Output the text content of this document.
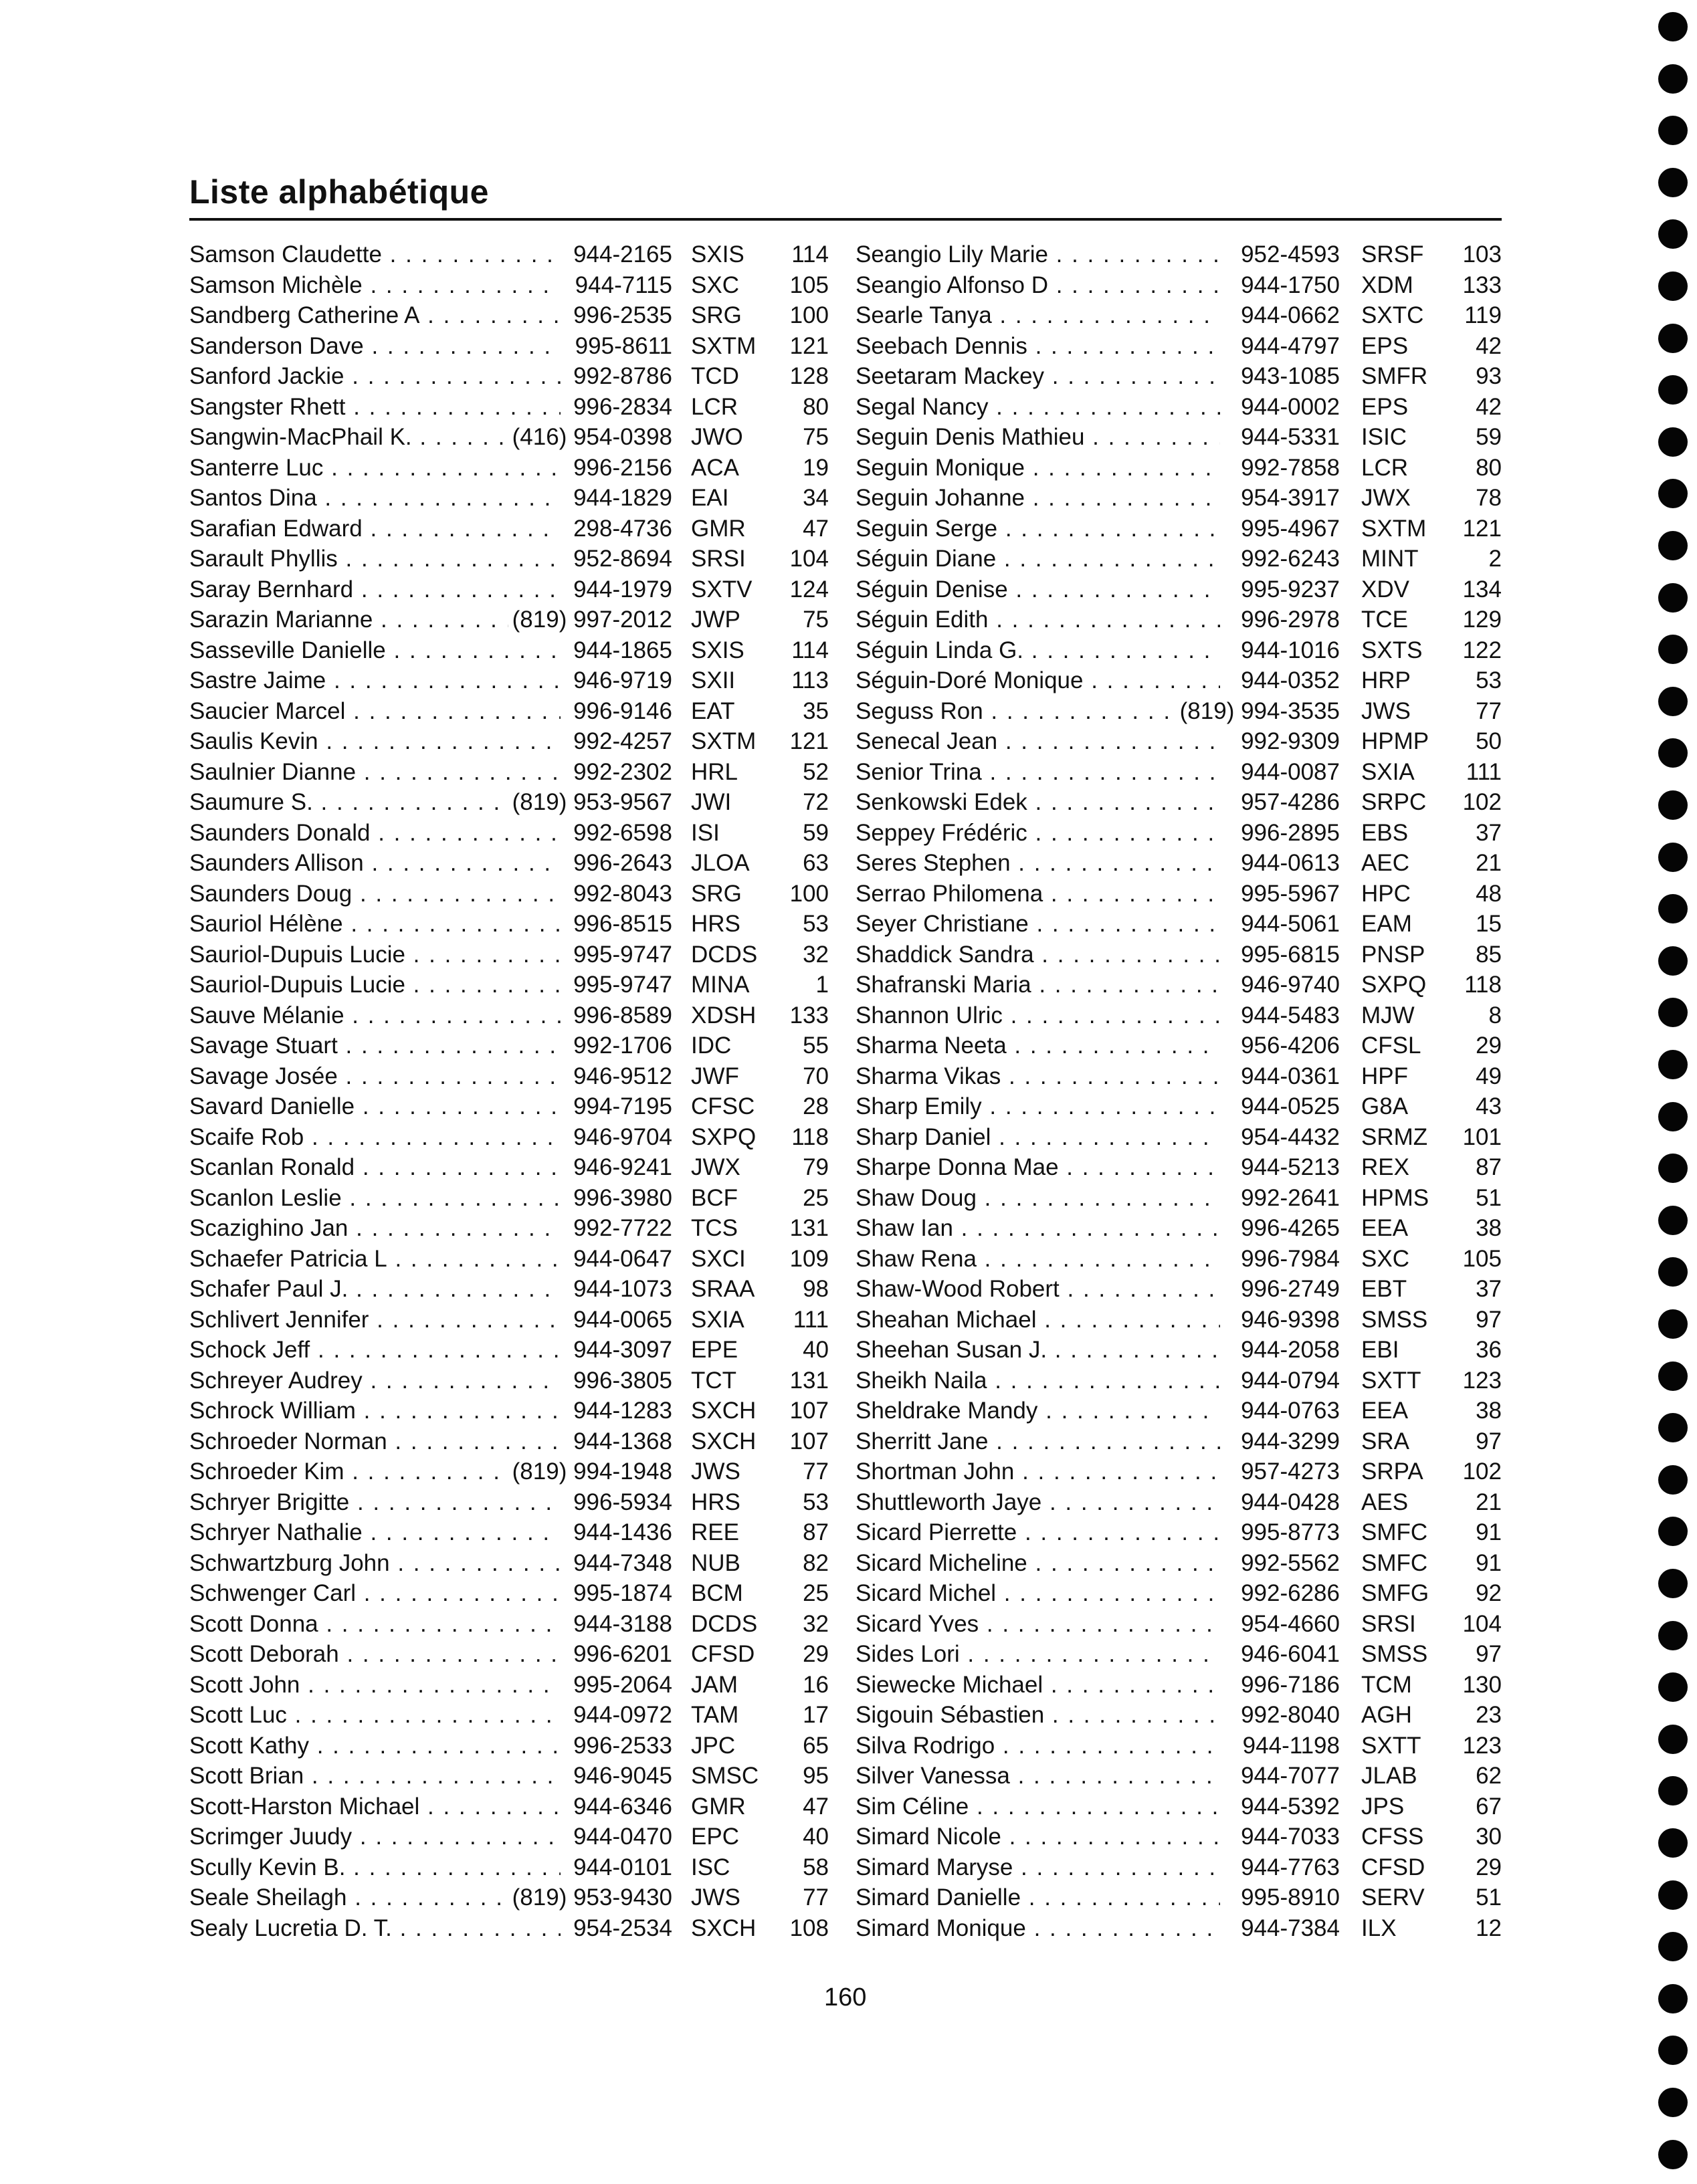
Liste alphabétique
Samson Claudette . . .	944-2165 SXIS	114
Samson Michèle . . .	944-7115 SXC	105
Sandberg Catherine A . . .	996-2535 SRG	100
Sanderson Dave . . .	995-8611 SXTM	121
Sanford Jackie . . .	992-8786 TCD	128
Sangster Rhett . . .	996-2834 LCR	80
Sangwin-MacPhail K. . . .	(416) 954-0398 JWO	75
Santerre Luc . . .	996-2156 ACA	19
Santos Dina . . .	944-1829 EAI	34
Sarafian Edward . . .	298-4736 GMR	47
Sarault Phyllis . . .	952-8694 SRSI	104
Saray Bernhard . . .	944-1979 SXTV	124
Sarazin Marianne . . .	(819) 997-2012 JWP	75
Sasseville Danielle . . .	944-1865 SXIS	114
Sastre Jaime . . .	946-9719 SXII	113
Saucier Marcel . . .	996-9146 EAT	35
Saulis Kevin . . .	992-4257 SXTM	121
Saulnier Dianne . . .	992-2302 HRL	52
Saumure S. . . .	(819) 953-9567 JWI	72
Saunders Donald . . .	992-6598 ISI	59
Saunders Allison . . .	996-2643 JLOA	63
Saunders Doug . . .	992-8043 SRG	100
Sauriol Hélène . . .	996-8515 HRS	53
Sauriol-Dupuis Lucie . . .	995-9747 DCDS	32
Sauriol-Dupuis Lucie . . .	995-9747 MINA	1
Sauve Mélanie . . .	996-8589 XDSH	133
Savage Stuart . . .	992-1706 IDC	55
Savage Josée . . .	946-9512 JWF	70
Savard Danielle . . .	994-7195 CFSC	28
Scaife Rob . . .	946-9704 SXPQ	118
Scanlan Ronald . . .	946-9241 JWX	79
Scanlon Leslie . . .	996-3980 BCF	25
Scazighino Jan . . .	992-7722 TCS	131
Schaefer Patricia L . . .	944-0647 SXCI	109
Schafer Paul J. . . .	944-1073 SRAA	98
Schlivert Jennifer . . .	944-0065 SXIA	111
Schock Jeff . . .	944-3097 EPE	40
Schreyer Audrey . . .	996-3805 TCT	131
Schrock William . . .	944-1283 SXCH	107
Schroeder Norman . . .	944-1368 SXCH	107
Schroeder Kim . . .	(819) 994-1948 JWS	77
Schryer Brigitte . . .	996-5934 HRS	53
Schryer Nathalie . . .	944-1436 REE	87
Schwartzburg John . . .	944-7348 NUB	82
Schwenger Carl . . .	995-1874 BCM	25
Scott Donna . . .	944-3188 DCDS	32
Scott Deborah . . .	996-6201 CFSD	29
Scott John . . .	995-2064 JAM	16
Scott Luc . . .	944-0972 TAM	17
Scott Kathy . . .	996-2533 JPC	65
Scott Brian . . .	946-9045 SMSC	95
Scott-Harston Michael . . .	944-6346 GMR	47
Scrimger Juudy . . .	944-0470 EPC	40
Scully Kevin B. . . .	944-0101 ISC	58
Seale Sheilagh . . .	(819) 953-9430 JWS	77
Sealy Lucretia D. T. . . .	954-2534 SXCH	108
Seangio Lily Marie . . .	952-4593 SRSF	103
Seangio Alfonso D . . .	944-1750 XDM	133
Searle Tanya . . .	944-0662 SXTC	119
Seebach Dennis . . .	944-4797 EPS	42
Seetaram Mackey . . .	943-1085 SMFR	93
Segal Nancy . . .	944-0002 EPS	42
Seguin Denis Mathieu . . .	944-5331 ISIC	59
Seguin Monique . . .	992-7858 LCR	80
Seguin Johanne . . .	954-3917 JWX	78
Seguin Serge . . .	995-4967 SXTM	121
Séguin Diane . . .	992-6243 MINT	2
Séguin Denise . . .	995-9237 XDV	134
Séguin Edith . . .	996-2978 TCE	129
Séguin Linda G. . . .	944-1016 SXTS	122
Séguin-Doré Monique . . .	944-0352 HRP	53
Seguss Ron . . .	(819) 994-3535 JWS	77
Senecal Jean . . .	992-9309 HPMP	50
Senior Trina . . .	944-0087 SXIA	111
Senkowski Edek . . .	957-4286 SRPC	102
Seppey Frédéric . . .	996-2895 EBS	37
Seres Stephen . . .	944-0613 AEC	21
Serrao Philomena . . .	995-5967 HPC	48
Seyer Christiane . . .	944-5061 EAM	15
Shaddick Sandra . . .	995-6815 PNSP	85
Shafranski Maria . . .	946-9740 SXPQ	118
Shannon Ulric . . .	944-5483 MJW	8
Sharma Neeta . . .	956-4206 CFSL	29
Sharma Vikas . . .	944-0361 HPF	49
Sharp Emily . . .	944-0525 G8A	43
Sharp Daniel . . .	954-4432 SRMZ	101
Sharpe Donna Mae . . .	944-5213 REX	87
Shaw Doug . . .	992-2641 HPMS	51
Shaw Ian . . .	996-4265 EEA	38
Shaw Rena . . .	996-7984 SXC	105
Shaw-Wood Robert . . .	996-2749 EBT	37
Sheahan Michael . . .	946-9398 SMSS	97
Sheehan Susan J. . . .	944-2058 EBI	36
Sheikh Naila . . .	944-0794 SXTT	123
Sheldrake Mandy . . .	944-0763 EEA	38
Sherritt Jane . . .	944-3299 SRA	97
Shortman John . . .	957-4273 SRPA	102
Shuttleworth Jaye . . .	944-0428 AES	21
Sicard Pierrette . . .	995-8773 SMFC	91
Sicard Micheline . . .	992-5562 SMFC	91
Sicard Michel . . .	992-6286 SMFG	92
Sicard Yves . . .	954-4660 SRSI	104
Sides Lori . . .	946-6041 SMSS	97
Siewecke Michael . . .	996-7186 TCM	130
Sigouin Sébastien . . .	992-8040 AGH	23
Silva Rodrigo . . .	944-1198 SXTT	123
Silver Vanessa . . .	944-7077 JLAB	62
Sim Céline . . .	944-5392 JPS	67
Simard Nicole . . .	944-7033 CFSS	30
Simard Maryse . . .	944-7763 CFSD	29
Simard Danielle . . .	995-8910 SERV	51
Simard Monique . . .	944-7384 ILX	12
160
